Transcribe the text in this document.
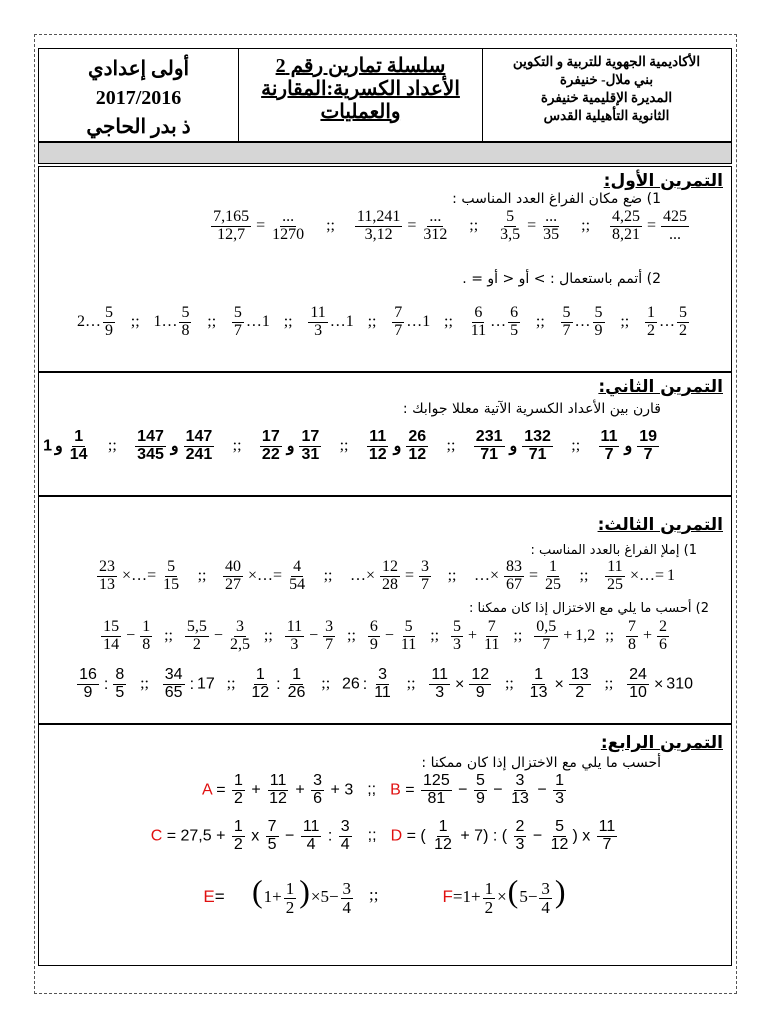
أولى إعدادي
2017/2016
ذ بدر الحاجي
سلسلة تمارين رقم 2
الأعداد الكسرية:المقارنة
والعمليات
الأكاديمية الجهوية للتربية و التكوين
بني ملال- خنيفرة
المديرة الإقليمية خنيفرة
الثانوية التأهيلية القدس
التمرين الأول:
1) ضع مكان الفراغ العدد المناسب :
$\frac{4,25}{8,21} = \frac{425}{...}$
;;
$\frac{5}{3,5} = \frac{...}{35}$
;;
$\frac{11,241}{3,12} = \frac{...}{312}$
;;
$\frac{7,165}{12,7} = \frac{...}{1270}$
2) أتمم باستعمال : > أو < أو = .
$\frac{1}{2}$ … $\frac{5}{2}$
;;
$\frac{5}{7}$ … $\frac{5}{9}$
;;
$\frac{6}{11}$ … $\frac{6}{5}$
;;
$\frac{7}{7}$ …1
;;
$\frac{11}{3}$ …1
;;
$\frac{5}{7}$ …1
;;
1… $\frac{5}{8}$
;;
2… $\frac{5}{9}$
التمرين الثاني:
قارن بين الأعداد الكسرية الآتية معللا جوابك :
$\frac{19}{7}$
و
$\frac{11}{7}$
;;
$\frac{132}{71}$
و
$\frac{231}{71}$
;;
$\frac{26}{12}$
و
$\frac{11}{12}$
;;
$\frac{17}{31}$
و
$\frac{17}{22}$
;;
$\frac{147}{241}$
و
$\frac{147}{345}$
;;
$\frac{1}{14}$
و1
التمرين الثالث:
1) إملإ الفراغ بالعدد المناسب :
$\frac{11}{25}$ ×…= 1
;;
…× $\frac{83}{67} = \frac{1}{25}$
;;
…× $\frac{12}{28} = \frac{3}{7}$
;;
$\frac{40}{27}$ ×…= $\frac{4}{54}$
;;
$\frac{23}{13}$ ×…= $\frac{5}{15}$
2) أحسب ما يلي مع الاختزال إذا كان ممكنا :
$\frac{7}{8} + \frac{2}{6}$
;;
$\frac{0,5}{7} + 1,2$
;;
$\frac{5}{3} + \frac{7}{11}$
;;
$\frac{6}{9} - \frac{5}{11}$
;;
$\frac{11}{3} - \frac{3}{7}$
;;
$\frac{5,5}{2} - \frac{3}{2,5}$
;;
$\frac{15}{14} - \frac{1}{8}$
$\frac{24}{10} \times 310$
;;
$\frac{1}{13} \times \frac{13}{2}$
;;
$\frac{11}{3} \times \frac{12}{9}$
;;
26 : $\frac{3}{11}$
;;
$\frac{1}{12}$ : $\frac{1}{26}$
;;
$\frac{34}{65}$ : 17
;;
$\frac{16}{9}$ : $\frac{8}{5}$
التمرين الرابع:
أحسب ما يلي مع الاختزال إذا كان ممكنا :
$A = \frac{1}{2} + \frac{11}{12} + \frac{3}{6} + 3$ ;; $B = \frac{125}{81} - \frac{5}{9} - \frac{3}{13} - \frac{1}{3}$
$C = 27,5 + \frac{1}{2}$ x $\frac{7}{5} - \frac{11}{4}$ : $\frac{3}{4}$ ;; D = ( $\frac{1}{12} + 7$) : ( $\frac{2}{3} - \frac{5}{12}$ ) x $\frac{11}{7}$
$E= (1+ \frac{1}{2} )\times 5- \frac{3}{4}$ ;;	$F=1+ \frac{1}{2} \times(5- \frac{3}{4}$ )
